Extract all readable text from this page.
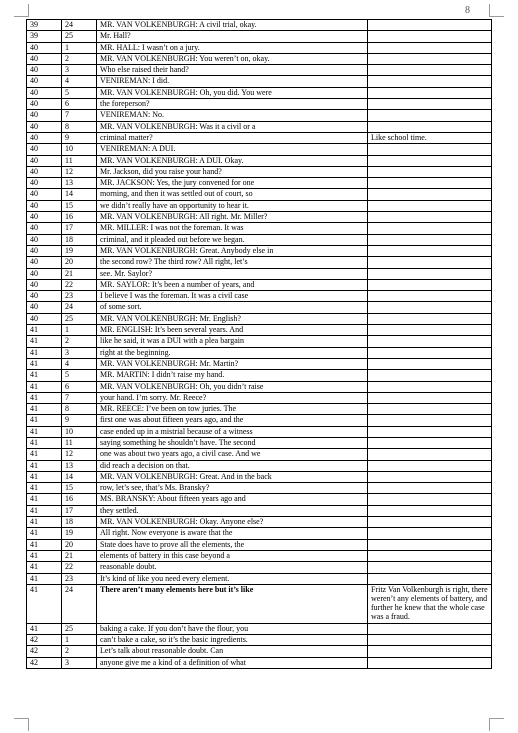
8
39	24	MR. VAN VOLKENBURGH: A civil trial, okay.	
39	25	Mr. Hall?	
40	1	MR. HALL: I wasn’t on a jury.	
40	2	MR. VAN VOLKENBURGH: You weren’t on, okay.	
40	3	Who else raised their hand?	
40	4	VENIREMAN: I did.	
40	5	MR. VAN VOLKENBURGH: Oh, you did. You were	
40	6	the foreperson?	
40	7	VENIREMAN: No.	
40	8	MR. VAN VOLKENBURGH: Was it a civil or a	
40	9	criminal matter?	Like school time.
40	10	VENIREMAN: A DUI.	
40	11	MR. VAN VOLKENBURGH: A DUI. Okay.	
40	12	Mr. Jackson, did you raise your hand?	
40	13	MR. JACKSON: Yes, the jury convened for one	
40	14	morning, and then it was settled out of court, so	
40	15	we didn’t really have an opportunity to hear it.	
40	16	MR. VAN VOLKENBURGH: All right. Mr. Miller?	
40	17	MR. MILLER: I was not the foreman. It was	
40	18	criminal, and it pleaded out before we began.	
40	19	MR. VAN VOLKENBURGH: Great. Anybody else in	
40	20	the second row? The third row? All right, let’s	
40	21	see. Mr. Saylor?	
40	22	MR. SAYLOR: It’s been a number of years, and	
40	23	I believe I was the foreman. It was a civil case	
40	24	of some sort.	
40	25	MR. VAN VOLKENBURGH: Mr. English?	
41	1	MR. ENGLISH: It’s been several years. And	
41	2	like he said, it was a DUI with a plea bargain	
41	3	right at the beginning.	
41	4	MR. VAN VOLKENBURGH: Mr. Martin?	
41	5	MR. MARTIN: I didn’t raise my hand.	
41	6	MR. VAN VOLKENBURGH: Oh, you didn’t raise	
41	7	your hand. I’m sorry. Mr. Reece?	
41	8	MR. REECE: I’ve been on tow juries. The	
41	9	first one was about fifteen years ago, and the	
41	10	case ended up in a mistrial because of a witness	
41	11	saying something he shouldn’t have. The second	
41	12	one was about two years ago, a civil case. And we	
41	13	did reach a decision on that.	
41	14	MR. VAN VOLKENBURGH: Great. And in the back	
41	15	row, let’s see, that’s Ms. Bransky?	
41	16	MS. BRANSKY: About fifteen years ago and	
41	17	they settled.	
41	18	MR. VAN VOLKENBURGH: Okay. Anyone else?	
41	19	All right. Now everyone is aware that the	
41	20	State does have to prove all the elements, the	
41	21	elements of battery in this case beyond a	
41	22	reasonable doubt.	
41	23	It’s kind of like you need every element.	
41	24	There aren’t many elements here but it’s like	Fritz Van Volkenburgh is right, there weren’t any elements of battery, and further he knew that the whole case was a fraud.
41	25	baking a cake. If you don’t have the flour, you	
42	1	can’t bake a cake, so it’s the basic ingredients.	
42	2	Let’s talk about reasonable doubt. Can	
42	3	anyone give me a kind of a definition of what	
